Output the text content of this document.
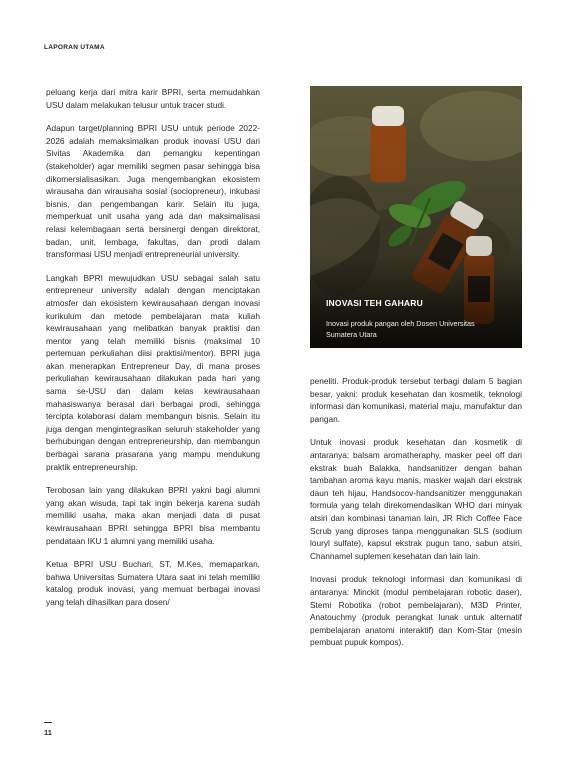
LAPORAN UTAMA

peluang kerja dari mitra karir BPRI, serta memudahkan USU dalam melakukan telusur untuk tracer studi.

Adapun target/planning BPRI USU untuk periode 2022-2026 adalah memaksimalkan produk inovasi USU dari Sivitas Akademika dan pemangku kepentingan (stakeholder) agar memiliki segmen pasar sehingga bisa dikomersialisasikan. Juga mengembangkan ekosistem wirausaha dan wirausaha sosial (sociopreneur), inkubasi bisnis, dan pengembangan karir. Selain itu juga, memperkuat unit usaha yang ada dan maksimalisasi relasi kelembagaan serta bersinergi dengan direktorat, badan, unit, lembaga, fakultas, dan prodi dalam transformasi USU menjadi entrepreneurial university.

Langkah BPRI mewujudkan USU sebagai salah satu entrepreneur university adalah dengan menciptakan atmosfer dan ekosistem kewirausahaan dengan inovasi kurikulum dan metode pembelajaran mata kuliah kewirausahaan yang melibatkan banyak praktisi dan mentor yang telah memiliki bisnis (maksimal 10 pertemuan perkuliahan diisi praktisi/mentor). BPRI juga akan menerapkan Entrepreneur Day, di mana proses perkuliahan kewirausahaan dilakukan pada hari yang sama se-USU dan dalam kelas kewirausahaan mahasiswanya berasal dari berbagai prodi, sehingga tercipta kolaborasi dalam membangun bisnis. Selain itu juga dengan mengintegrasikan seluruh stakeholder yang berhubungan dengan entrepreneurship, dan membangun berbagai sarana prasarana yang mampu mendukung praktik entrepreneurship.

Terobosan lain yang dilakukan BPRI yakni bagi alumni yang akan wisuda, tapi tak ingin bekerja karena sudah memiliki usaha, maka akan menjadi data di pusat kewirausahaan BPRI sehingga BPRI bisa membantu pendataan IKU 1 alumni yang memiliki usaha.

Ketua BPRI USU Buchari, ST, M.Kes, memaparkan, bahwa Universitas Sumatera Utara saat ini telah memiliki katalog produk inovasi, yang memuat berbagai inovasi yang telah dihasilkan para dosen/

INOVASI TEH GAHARU
Inovasi produk pangan oleh Dosen Universitas Sumatera Utara

peneliti. Produk-produk tersebut terbagi dalam 5 bagian besar, yakni: produk kesehatan dan kosmetik, teknologi informasi dan komunikasi, material maju, manufaktur dan pangan.

Untuk inovasi produk kesehatan dan kosmetik di antaranya: balsam aromatheraphy, masker peel off dari ekstrak buah Balakka, handsanitizer dengan bahan tambahan aroma kayu manis, masker wajah dari ekstrak daun teh hijau, Handsocov-handsanitizer menggunakan formula yang telah direkomendasikan WHO dari minyak atsiri dan kombinasi tanaman lain, JR Rich Coffee Face Scrub yang diproses tanpa menggunakan SLS (sodium louryl sulfate), kapsul ekstrak pugun tano, sabun atsiri, Channamel suplemen kesehatan dan lain lain.

Inovasi produk teknologi informasi dan komunikasi di antaranya: Minckit (modul pembelajaran robotic daser), Stemi Robotika (robot pembelajaran), M3D Printer, Anatouchmy (produk perangkat lunak untuk alternatif pembelajaran anatomi interaktif) dan Kom-Star (mesin pembuat pupuk kompos).

11
